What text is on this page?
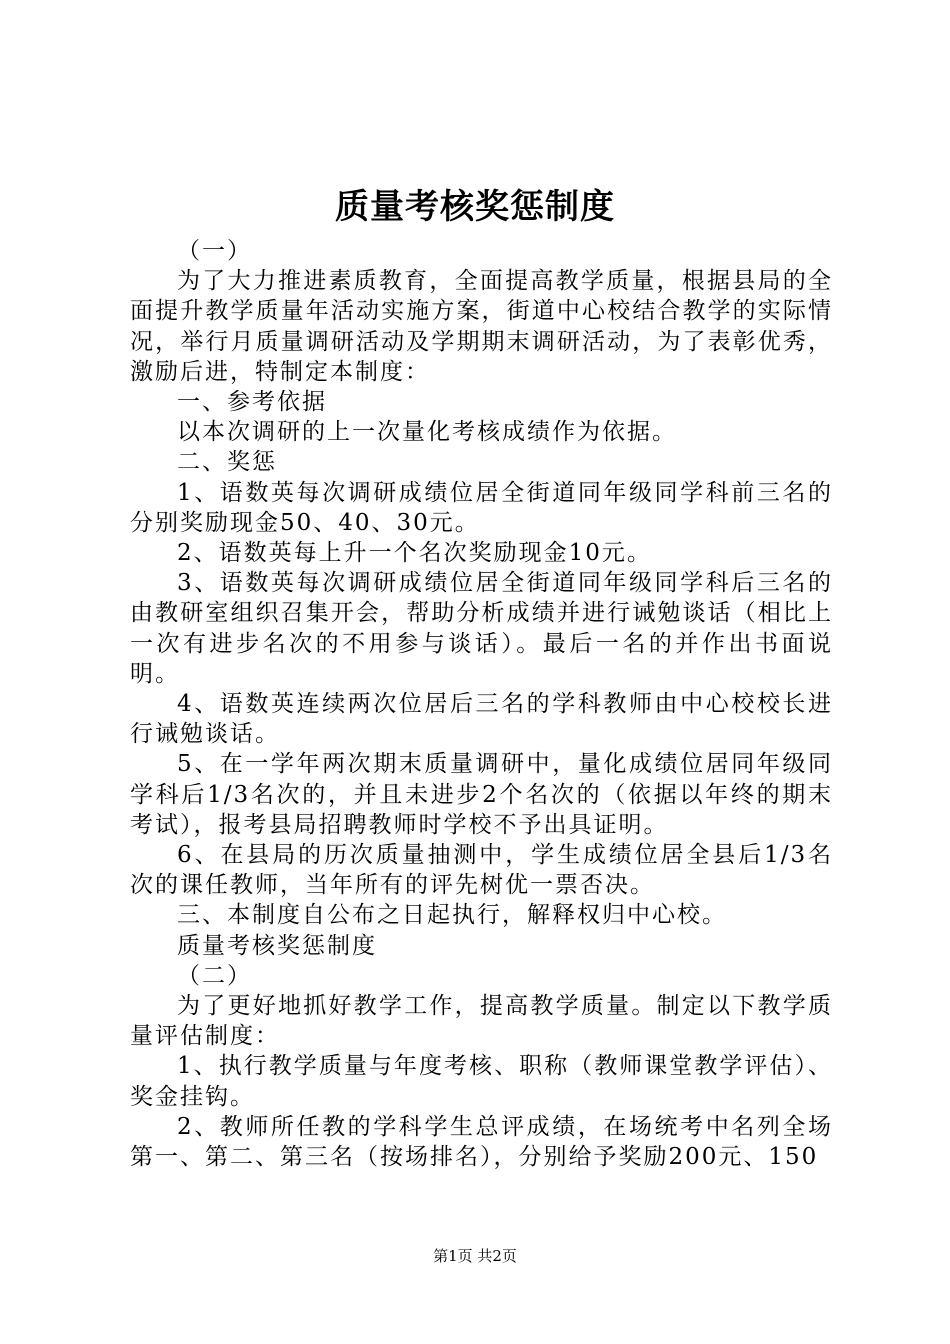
质量考核奖惩制度

（一）

为了大力推进素质教育，全面提高教学质量，根据县局的全面提升教学质量年活动实施方案，街道中心校结合教学的实际情况，举行月质量调研活动及学期期末调研活动，为了表彰优秀，激励后进，特制定本制度：

一、参考依据

以本次调研的上一次量化考核成绩作为依据。

二、奖惩

1、语数英每次调研成绩位居全街道同年级同学科前三名的分别奖励现金50、40、30元。

2、语数英每上升一个名次奖励现金10元。

3、语数英每次调研成绩位居全街道同年级同学科后三名的由教研室组织召集开会，帮助分析成绩并进行诫勉谈话（相比上一次有进步名次的不用参与谈话）。最后一名的并作出书面说明。

4、语数英连续两次位居后三名的学科教师由中心校校长进行诫勉谈话。

5、在一学年两次期末质量调研中，量化成绩位居同年级同学科后1/3名次的，并且未进步2个名次的（依据以年终的期末考试），报考县局招聘教师时学校不予出具证明。

6、在县局的历次质量抽测中，学生成绩位居全县后1/3名次的课任教师，当年所有的评先树优一票否决。

三、本制度自公布之日起执行，解释权归中心校。

质量考核奖惩制度

（二）

为了更好地抓好教学工作，提高教学质量。制定以下教学质量评估制度：

1、执行教学质量与年度考核、职称（教师课堂教学评估）、奖金挂钩。

2、教师所任教的学科学生总评成绩，在场统考中名列全场第一、第二、第三名（按场排名），分别给予奖励200元、150

第1页 共2页
